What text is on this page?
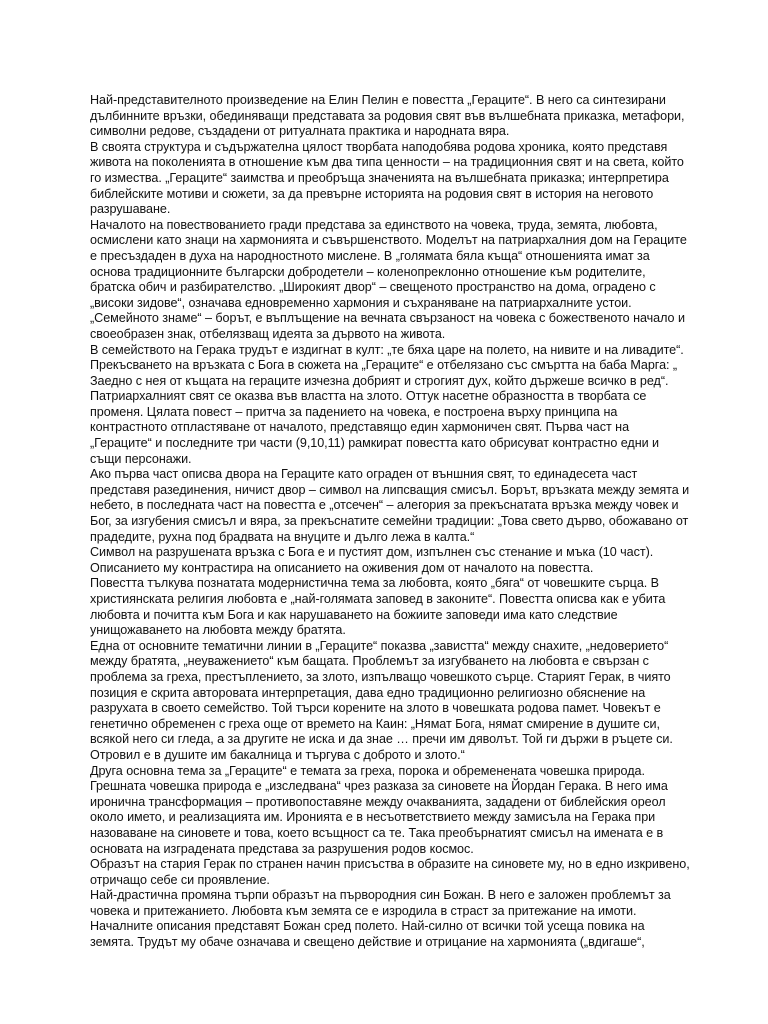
Най-представителното произведение на Елин Пелин е повестта „Гераците“. В него са синтезирани дълбинните връзки, обединяващи представата за родовия свят във вълшебната приказка, метафори, символни редове, създадени от ритуалната практика и народната вяра.

В своята структура и съдържателна цялост творбата наподобява родова хроника, която представя живота на поколенията в отношение към два типа ценности – на традиционния свят и на света, който го измества. „Гераците“ заимства и преобръща значенията на вълшебната приказка; интерпретира библейските мотиви и сюжети, за да превърне историята на родовия свят в история на неговото разрушаване.

Началото на повествованието гради представа за единството на човека, труда, земята, любовта, осмислени като знаци на хармонията и съвършенството. Моделът на патриархалния дом на Гераците е пресъздаден в духа на народностното мислене. В „голямата бяла къща“ отношенията имат за основа традиционните български добродетели – коленопреклонно отношение към родителите, братска обич и разбирателство. „Широкият двор“ – свещеното пространство на дома, оградено с „високи зидове“, означава едновременно хармония и съхраняване на патриархалните устои. „Семейното знаме“ – борът, е въплъщение на вечната свързаност на човека с божественото начало и своеобразен знак, отбелязващ идеята за дървото на живота.

В семейството на Герака трудът е издигнат в култ: „те бяха царе на полето, на нивите и на ливадите“.

Прекъсването на връзката с Бога в сюжета на „Гераците“ е отбелязано със смъртта на баба Марга: „ Заедно с нея от къщата на гераците изчезна добрият и строгият дух, който държеше всичко в ред“. Патриархалният свят се оказва във властта на злото. Оттук насетне образността в творбата се променя. Цялата повест – притча за падението на човека, е построена върху принципа на контрастното отпластяване от началото, представящо един хармоничен свят. Първа част на „Гераците“ и последните три части (9,10,11) рамкират повестта като обрисуват контрастно едни и същи персонажи.

Ако първа част описва двора на Гераците като ограден от външния свят, то единадесета част представя разединения, ничист двор – символ на липсващия смисъл. Борът, връзката между земята и небето, в последната част на повестта е „отсечен“ – алегория за прекъснатата връзка между човек и Бог, за изгубения смисъл и вяра, за прекъснатите семейни традиции: „Това свето дърво, обожавано от прадедите, рухна под брадвата на внуците и дълго лежа в калта.“

Символ на разрушената връзка с Бога е и пустият дом, изпълнен със стенание и мъка (10 част). Описанието му контрастира на описанието на оживения дом от началото на повестта.

Повестта тълкува познатата модернистична тема за любовта, която „бяга“ от човешките сърца. В християнската религия любовта е „най-голямата заповед в законите“. Повестта описва как е убита любовта и почитта към Бога и как нарушаването на божиите заповеди има като следствие унищожаването на любовта между братята.

Една от основните тематични линии в „Гераците“ показва „завистта“ между снахите, „недоверието“ между братята, „неуважението“ към бащата. Проблемът за изгубването на любовта е свързан с проблема за греха, престъплението, за злото, изпълващо човешкото сърце. Старият Герак, в чиято позиция е скрита авторовата интерпретация, дава едно традиционно религиозно обяснение на разрухата в своето семейство. Той търси корените на злото в човешката родова памет. Човекът е генетично обременен с греха още от времето на Каин: „Нямат Бога, нямат смирение в душите си, всякой него си гледа, а за другите не иска и да знае … пречи им дяволът. Той ги държи в ръцете си. Отровил е в душите им бакалница и търгува с доброто и злото.“

Друга основна тема за „Гераците“ е темата за греха, порока и обременената човешка природа. Грешната човешка природа е „изследвана“ чрез разказа за синовете на Йордан Герака. В него има иронична трансформация – противопоставяне между очакванията, зададени от библейския ореол около името, и реализацията им. Иронията е в несъответствието между замисъла на Герака при назоваване на синовете и това, което всъщност са те. Така преобърнатият смисъл на имената е в основата на изградената представа за разрушения родов космос.

Образът на стария Герак по странен начин присъства в образите на синовете му, но в едно изкривено, отричащо себе си проявление.

Най-драстична промяна търпи образът на първородния син Божан. В него е заложен проблемът за човека и притежанието. Любовта към земята се е изродила в страст за притежание на имоти. Началните описания представят Божан сред полето. Най-силно от всички той усеща повика на земята. Трудът му обаче означава и свещено действие и отрицание на хармонията („вдигаше“,
